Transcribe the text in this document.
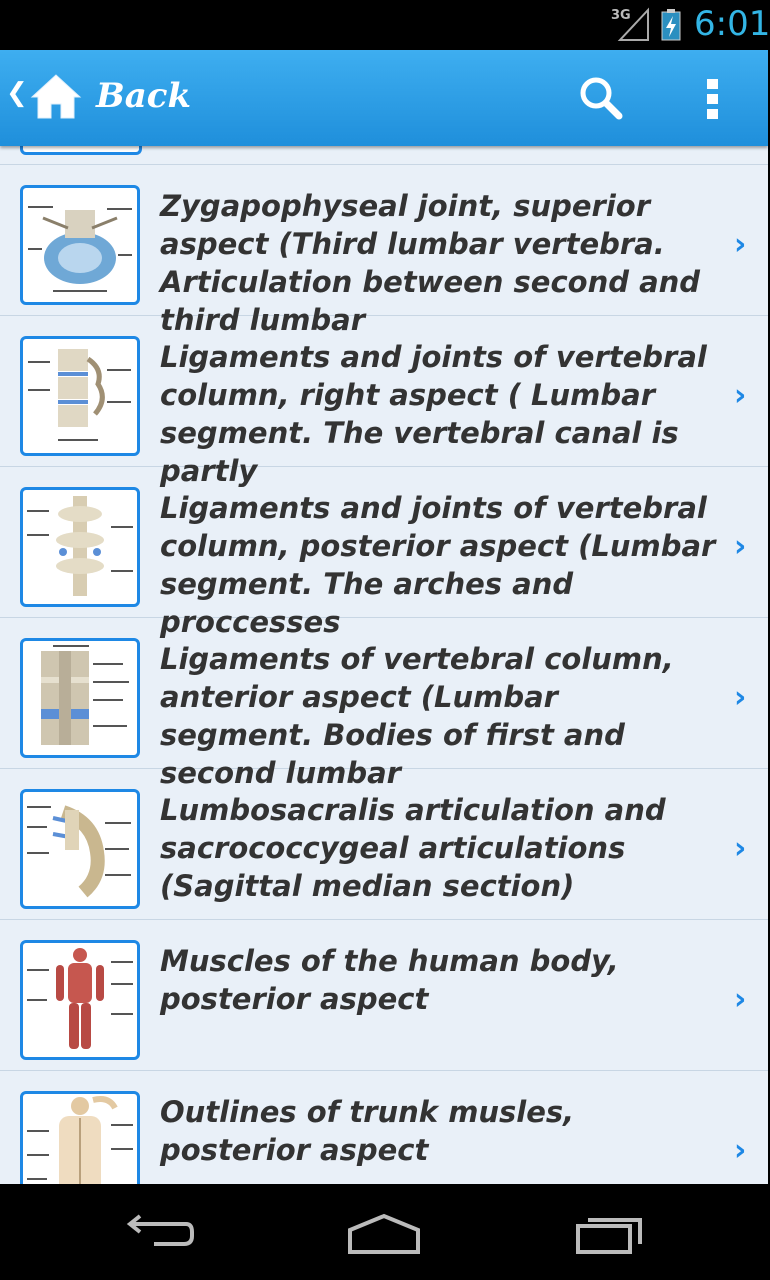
3G 6:01
❮ Back
Zygapophyseal joint, superior aspect (Third lumbar vertebra. Articulation between second and third lumbar
›
Ligaments and joints of vertebral column, right aspect ( Lumbar segment. The vertebral canal is partly
›
Ligaments and joints of vertebral column, posterior aspect (Lumbar segment. The arches and proccesses
›
Ligaments of vertebral column, anterior aspect (Lumbar segment. Bodies of first and second lumbar
›
Lumbosacralis articulation and sacrococcygeal articulations (Sagittal median section)
›
Muscles of the human body, posterior aspect	›
Outlines of trunk musles, posterior aspect	›
